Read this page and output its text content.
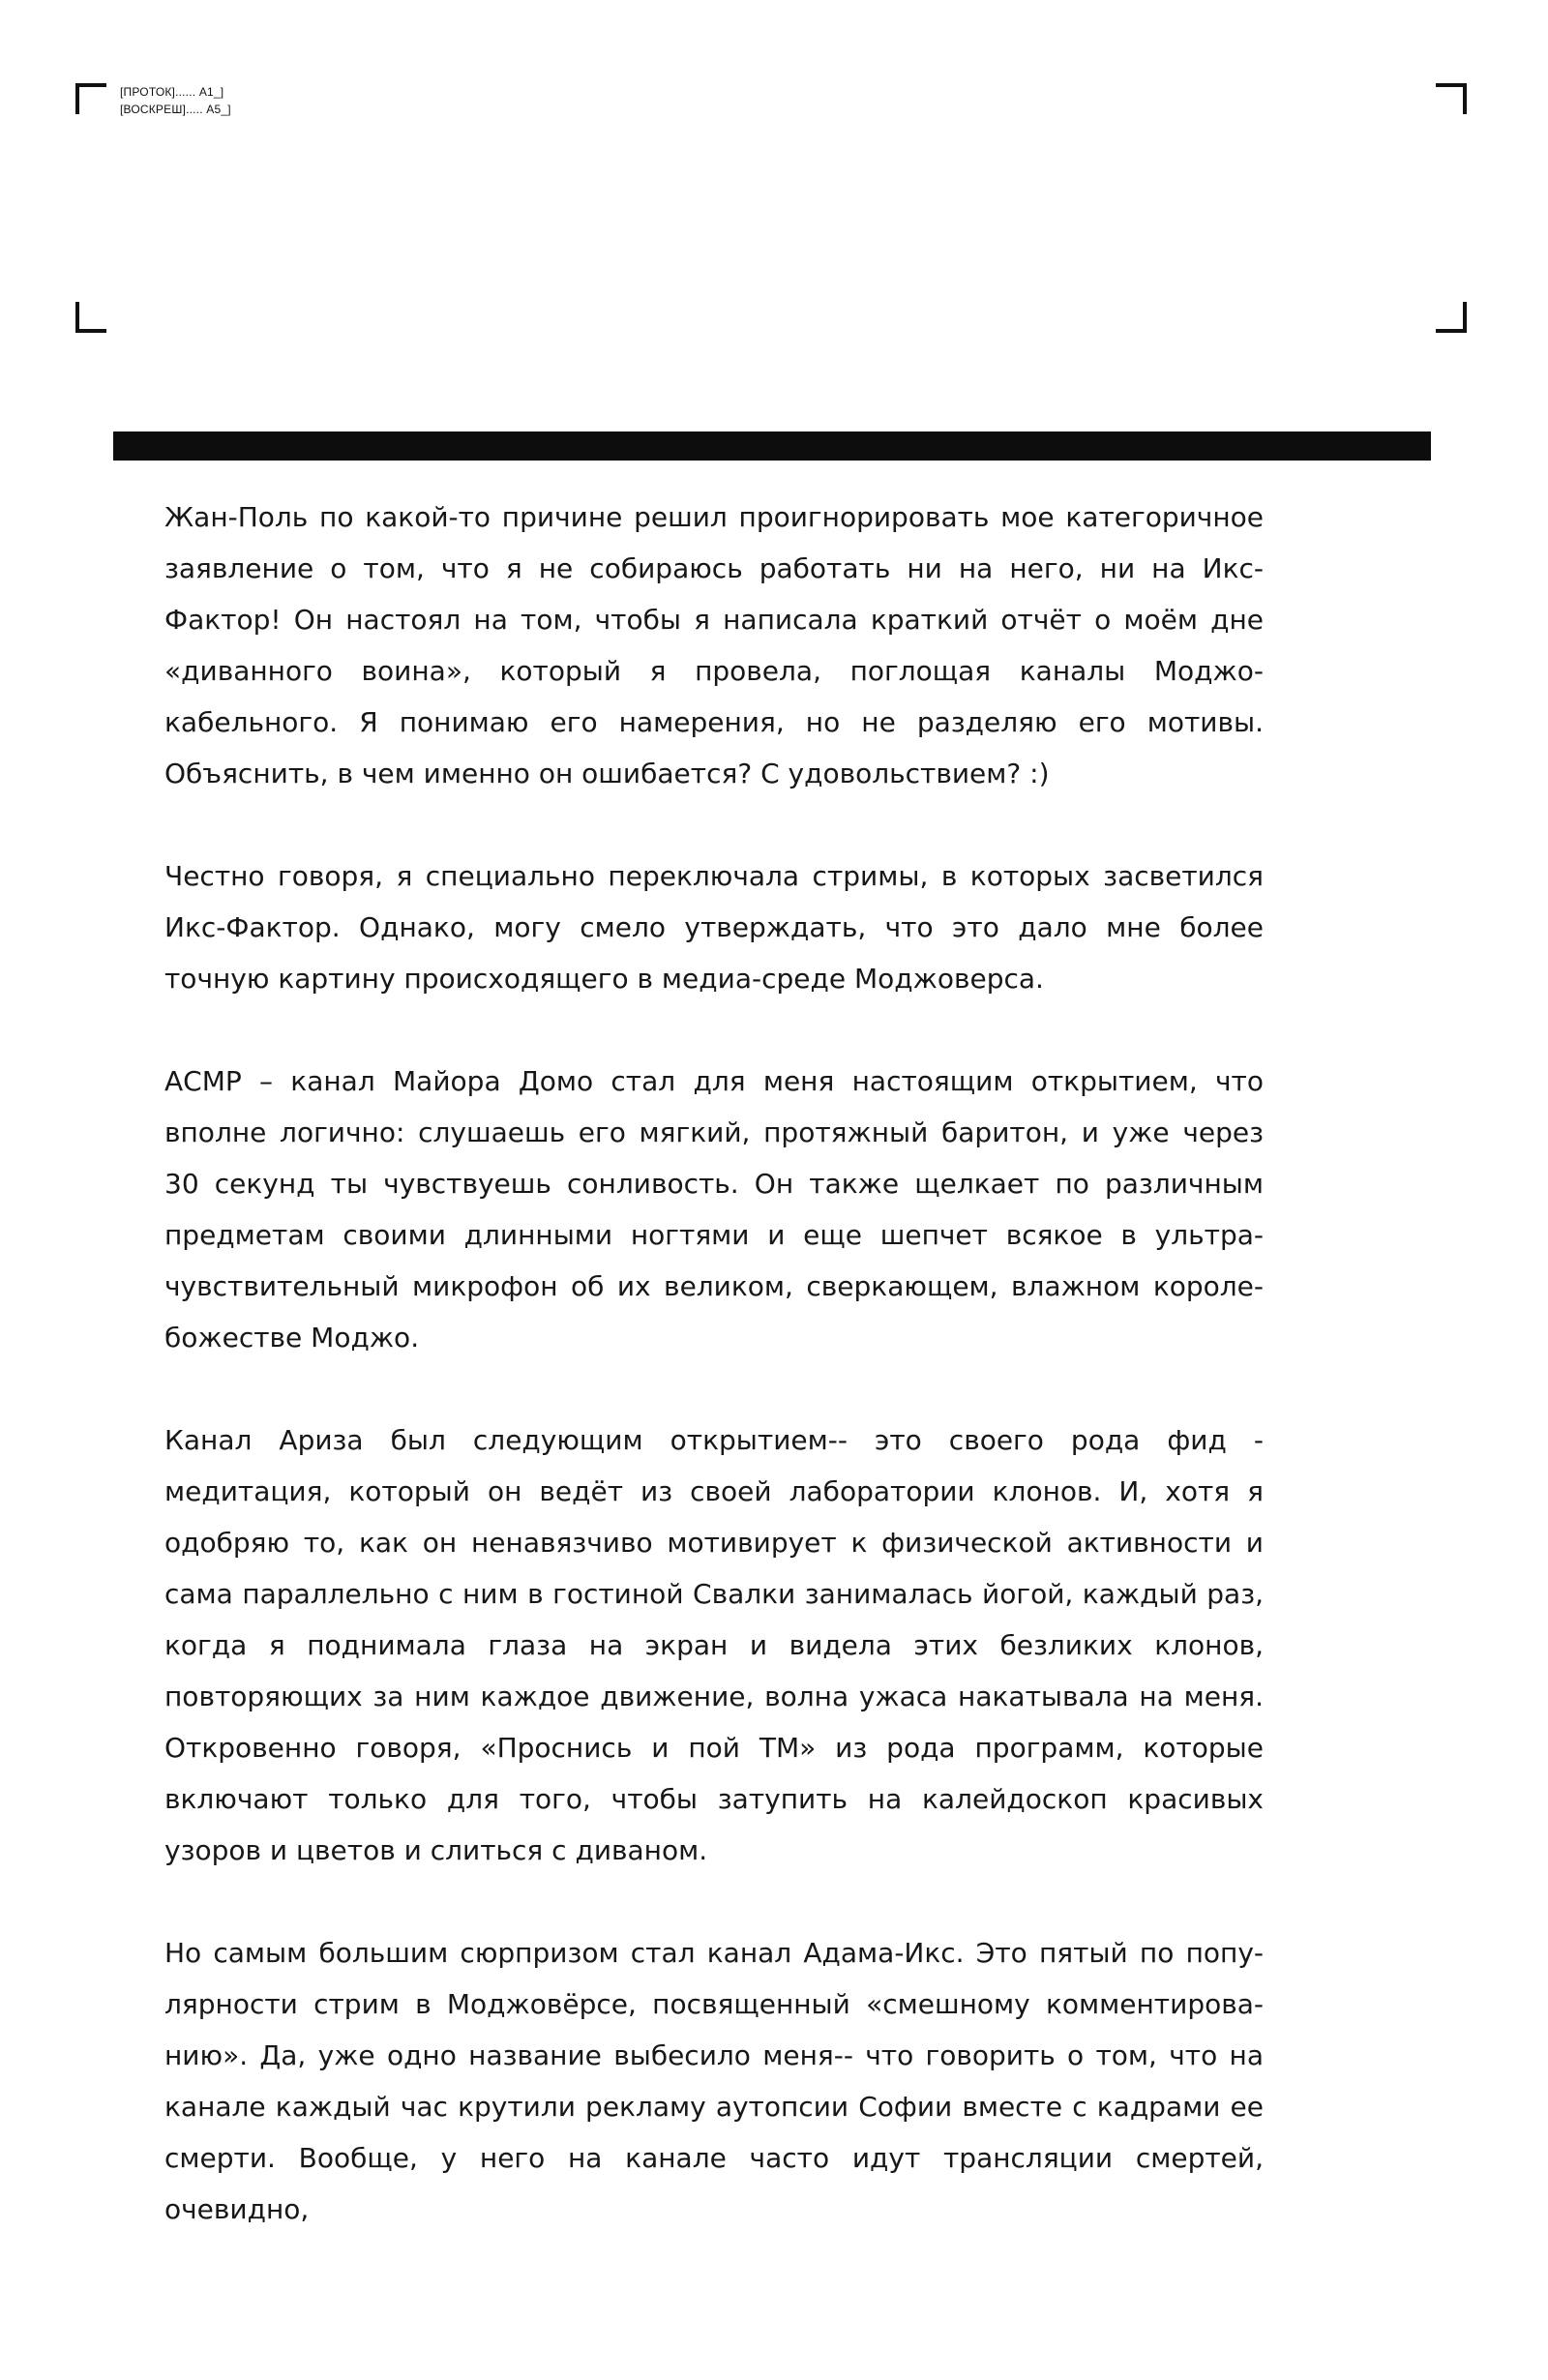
[ПРОТОК]...... А1_]
[ВОСКРЕШ]..... А5_]

Жан-Поль по какой-то причине решил проигнорировать мое категоричное заявление о том, что я не собираюсь работать ни на него, ни на Икс-Фактор! Он настоял на том, чтобы я написала краткий отчёт о моём дне «диванного воина», который я провела, поглощая каналы Моджо-кабельного. Я понимаю его намерения, но не разделяю его мотивы. Объяснить, в чем именно он ошибается? С удовольствием? :)

Честно говоря, я специально переключала стримы, в которых засветился Икс-Фактор. Однако, могу смело утверждать, что это дало мне более точную картину происходящего в медиа-среде Моджоверса.

АСМР – канал Майора Домо стал для меня настоящим открытием, что вполне логично: слушаешь его мягкий, протяжный баритон, и уже через 30 секунд ты чувствуешь сонливость. Он также щелкает по различным предметам своими длинными ногтями и еще шепчет всякое в ультра-чувствительный микрофон об их великом, сверкающем, влажном короле-божестве Моджо.

Канал Ариза был следующим открытием-- это своего рода фид - медитация, который он ведёт из своей лаборатории клонов. И, хотя я одобряю то, как он ненавязчиво мотивирует к физической активности и сама параллельно с ним в гостиной Свалки занималась йогой, каждый раз, когда я поднимала глаза на экран и видела этих безликих клонов, повторяющих за ним каждое движение, волна ужаса накатывала на меня. Откровенно говоря, «Проснись и пой ТМ» из рода программ, которые включают только для того, чтобы затупить на калейдоскоп красивых узоров и цветов и слиться с диваном.

Но самым большим сюрпризом стал канал Адама-Икс. Это пятый по популярности стрим в Моджовёрсе, посвященный «смешному комментированию». Да, уже одно название выбесило меня-- что говорить о том, что на канале каждый час крутили рекламу аутопсии Софии вместе с кадрами ее смерти. Вообще, у него на канале часто идут трансляции смертей, очевидно,
